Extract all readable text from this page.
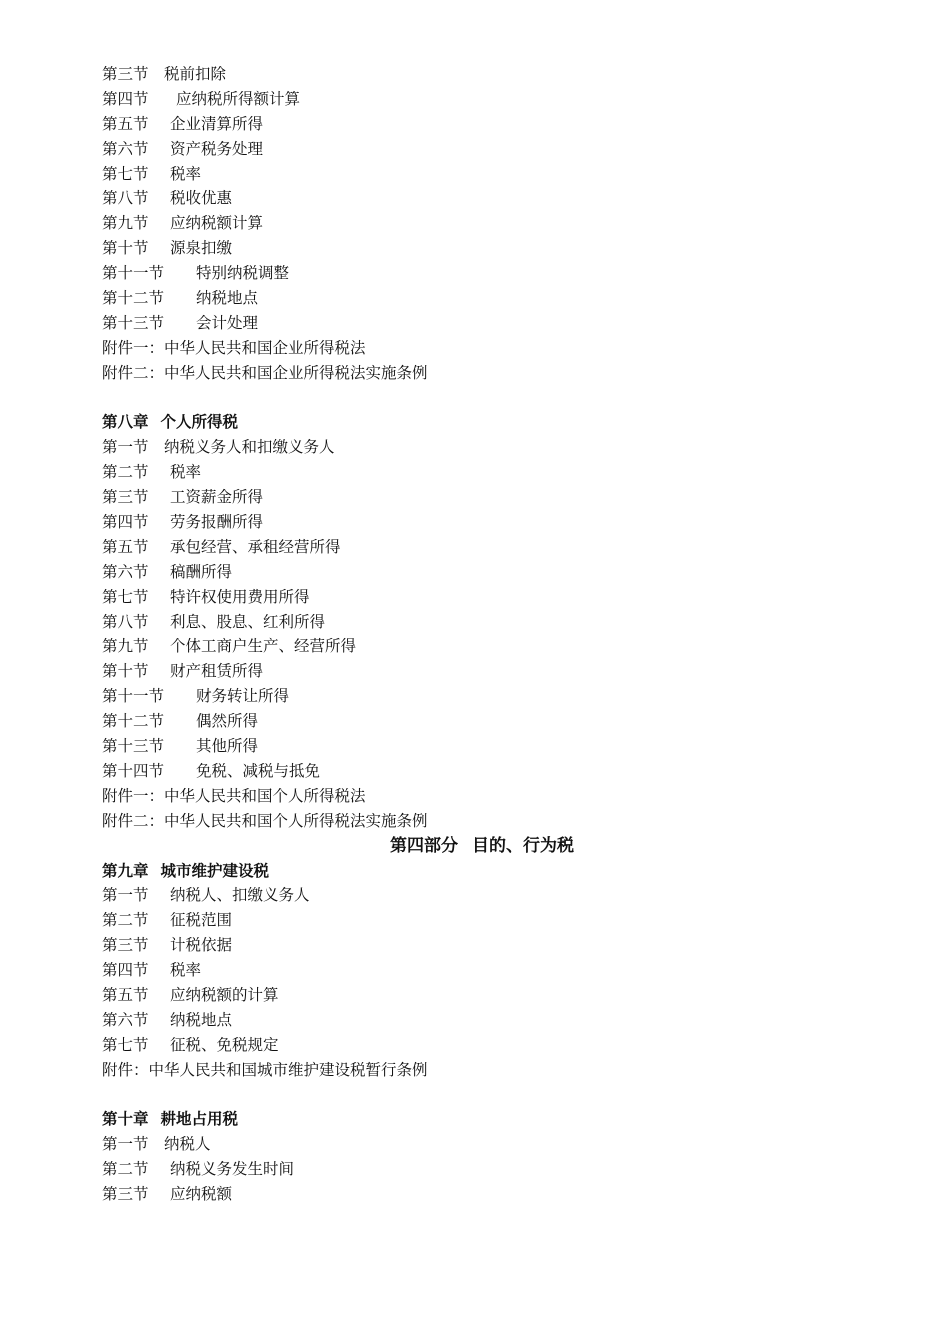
第三节 税前扣除
第四节 应纳税所得额计算
第五节 企业清算所得
第六节 资产税务处理
第七节 税率
第八节 税收优惠
第九节 应纳税额计算
第十节 源泉扣缴
第十一节 特别纳税调整
第十二节 纳税地点
第十三节 会计处理
附件一：中华人民共和国企业所得税法
附件二：中华人民共和国企业所得税法实施条例
第八章 个人所得税
第一节 纳税义务人和扣缴义务人
第二节 税率
第三节 工资薪金所得
第四节 劳务报酬所得
第五节 承包经营、承租经营所得
第六节 稿酬所得
第七节 特许权使用费用所得
第八节 利息、股息、红利所得
第九节 个体工商户生产、经营所得
第十节 财产租赁所得
第十一节 财务转让所得
第十二节 偶然所得
第十三节 其他所得
第十四节 免税、减税与抵免
附件一：中华人民共和国个人所得税法
附件二：中华人民共和国个人所得税法实施条例
第四部分 目的、行为税
第九章 城市维护建设税
第一节 纳税人、扣缴义务人
第二节 征税范围
第三节 计税依据
第四节 税率
第五节 应纳税额的计算
第六节 纳税地点
第七节 征税、免税规定
附件：中华人民共和国城市维护建设税暂行条例
第十章 耕地占用税
第一节 纳税人
第二节 纳税义务发生时间
第三节 应纳税额
